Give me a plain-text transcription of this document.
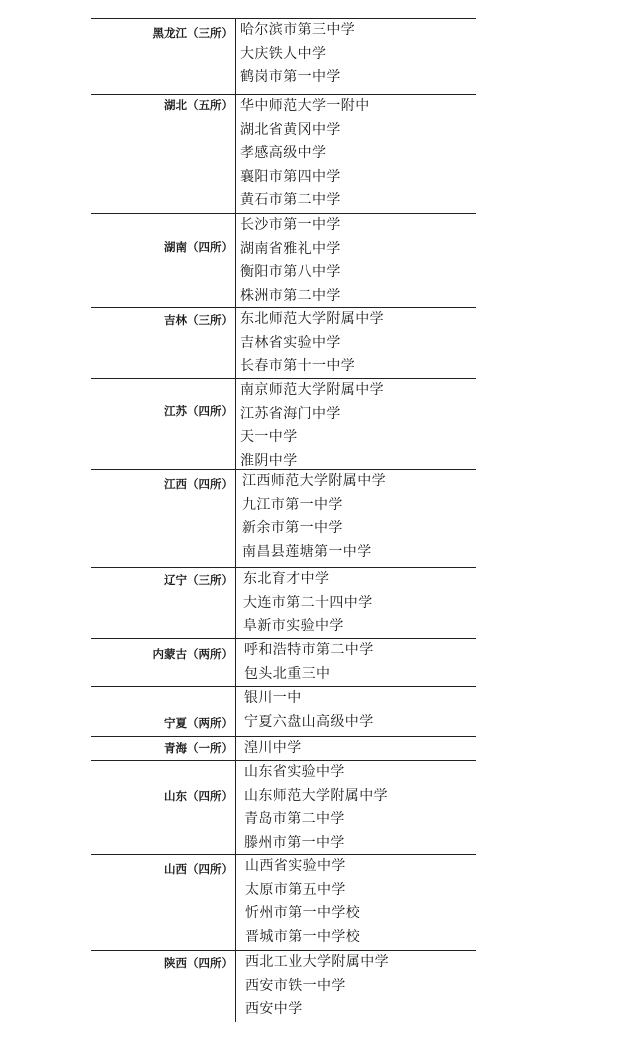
黑龙江（三所） 哈尔滨市第三中学
大庆铁人中学
鹤岗市第一中学
湖北（五所） 华中师范大学一附中
湖北省黄冈中学
孝感高级中学
襄阳市第四中学
黄石市第二中学
湖南（四所）
长沙市第一中学
湖南省雅礼中学
衡阳市第八中学
株洲市第二中学
吉林（三所） 东北师范大学附属中学
吉林省实验中学
长春市第十一中学
江苏（四所）
南京师范大学附属中学
江苏省海门中学
天一中学
淮阴中学
江西（四所） 江西师范大学附属中学
九江市第一中学
新余市第一中学
南昌县莲塘第一中学
辽宁（三所） 东北育才中学
大连市第二十四中学
阜新市实验中学
内蒙古（两所） 呼和浩特市第二中学
包头北重三中
宁夏（两所）
银川一中
宁夏六盘山高级中学
青海（一所） 湟川中学
山东（四所）
山东省实验中学
山东师范大学附属中学
青岛市第二中学
滕州市第一中学
山西（四所） 山西省实验中学
太原市第五中学
忻州市第一中学校
晋城市第一中学校
陕西（四所） 西北工业大学附属中学
西安市铁一中学
西安中学
